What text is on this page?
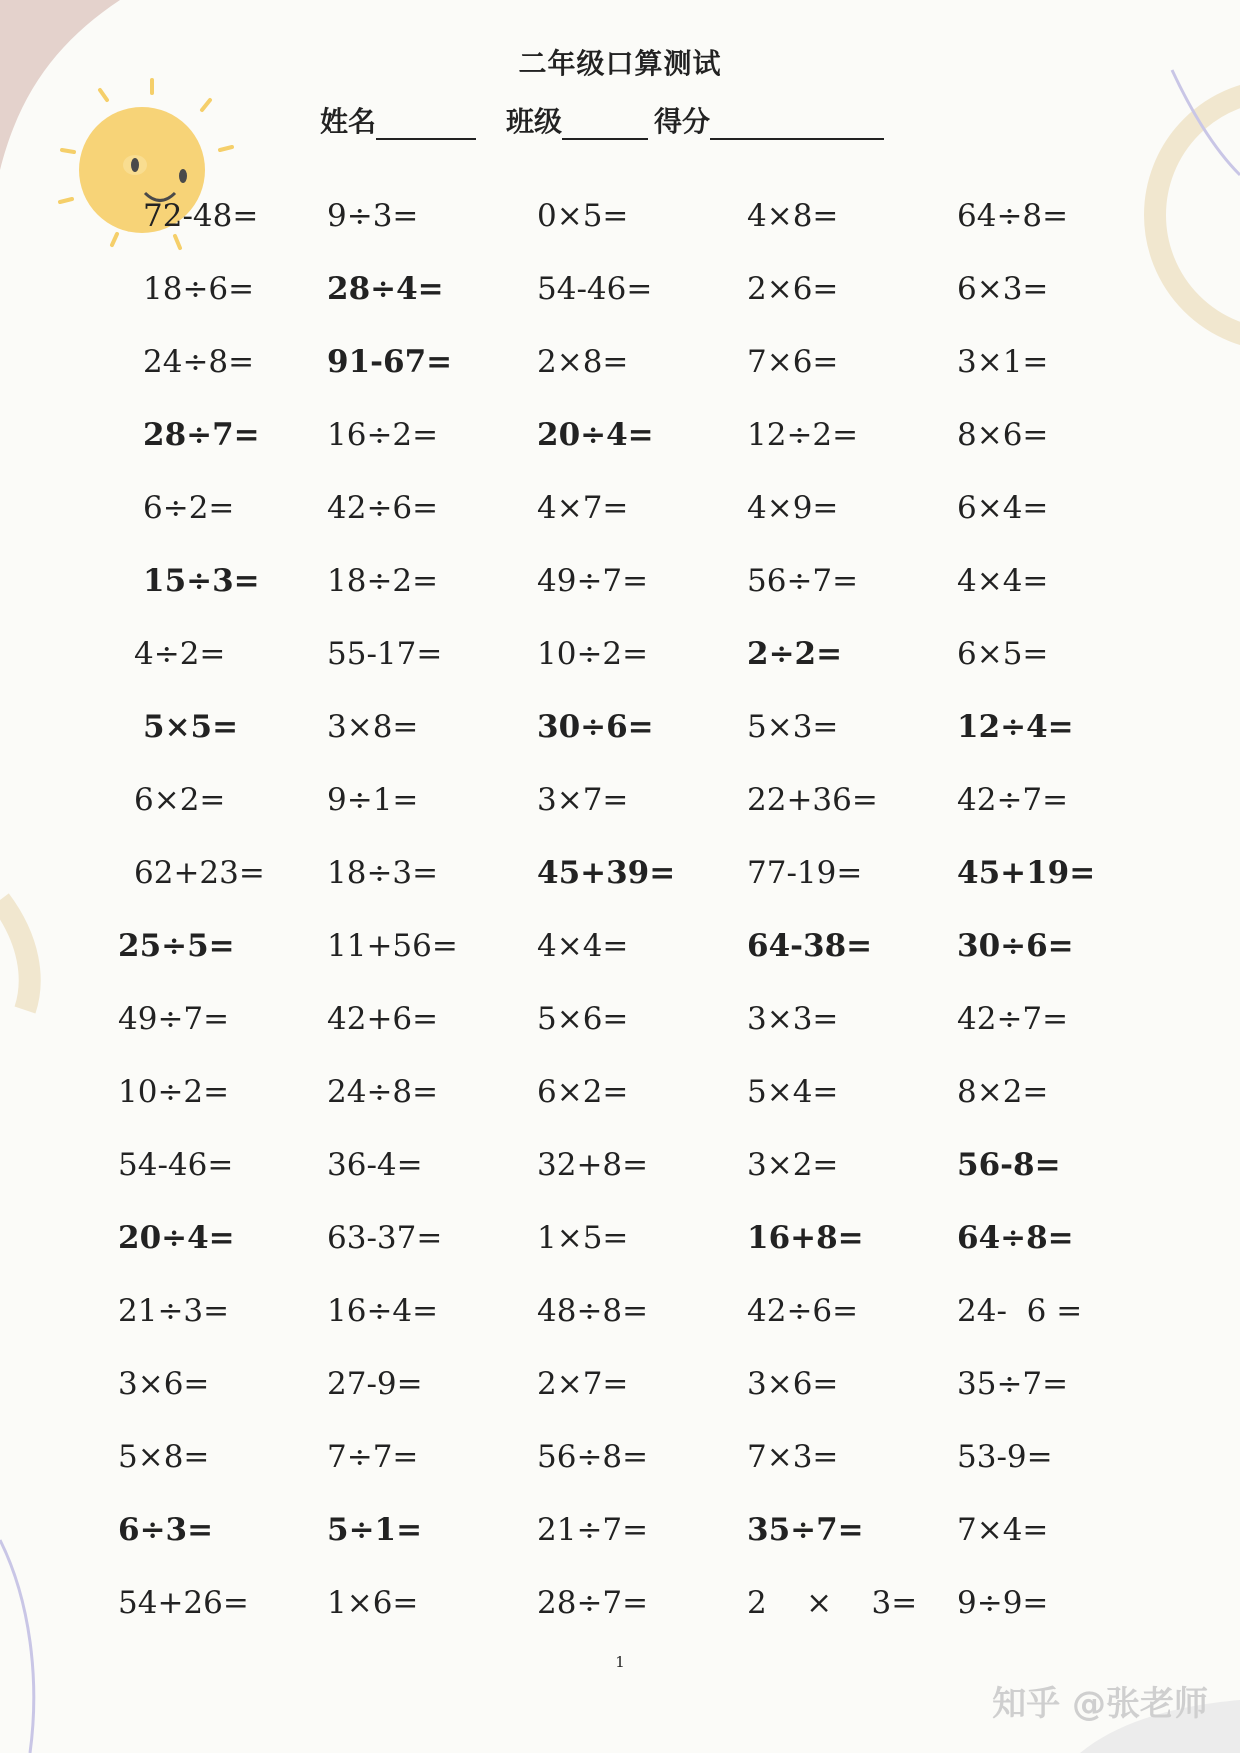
二年级口算测试
姓名	班级	得分
72-48= 9÷3=	0×5=	4×8=	64÷8=
18÷6= 28÷4=	54-46=	2×6=	6×3=
24÷8= 91-67=	2×8=	7×6=	3×1=
28÷7= 16÷2=	20÷4=	12÷2=	8×6=
6÷2=	42÷6=	4×7=	4×9=	6×4=
15÷3= 18÷2=	49÷7=	56÷7=	4×4=
4÷2=	55-17=	10÷2=	2÷2=	6×5=
5×5=	3×8=	30÷6=	5×3=	12÷4=
6×2=	9÷1=	3×7=	22+36=	42÷7=
62+23= 18÷3=	45+39= 77-19=	45+19=
25÷5=	11+56=	4×4=	64-38=	30÷6=
49÷7=	42+6=	5×6=	3×3=	42÷7=
10÷2=	24÷8=	6×2=	5×4=	8×2=
54-46=	36-4=	32+8=	3×2=	56-8=
20÷4=	63-37=	1×5=	16+8=	64÷8=
21÷3=	16÷4=	48÷8=	42÷6=	24-  6 =
3×6=	27-9=	2×7=	3×6=	35÷7=
5×8=	7÷7=	56÷8=	7×3=	53-9=
6÷3=	5÷1=	21÷7=	35÷7=	7×4=
54+26=	1×6=	28÷7=	2    ×    3= 9÷9=
1
知乎 @张老师
